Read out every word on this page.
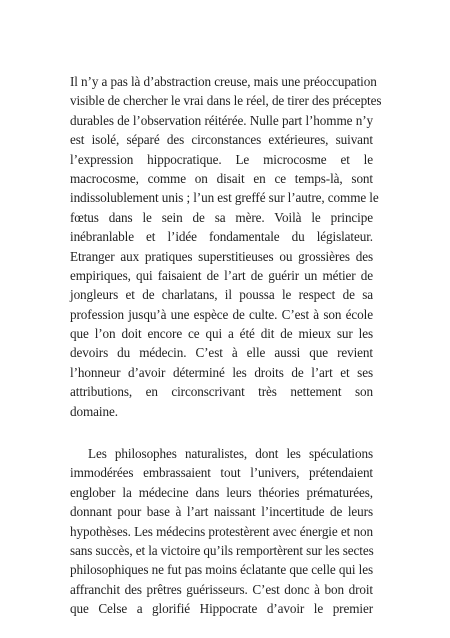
Il n’y a pas là d’abstraction creuse, mais une préoccupation
visible de chercher le vrai dans le réel, de tirer des préceptes
durables de l’observation réitérée. Nulle part l’homme n’y
est isolé, séparé des circonstances extérieures, suivant
l’expression hippocratique. Le microcosme et le
macrocosme, comme on disait en ce temps-là, sont
indissolublement unis ; l’un est greffé sur l’autre, comme le
fœtus dans le sein de sa mère. Voilà le principe
inébranlable et l’idée fondamentale du législateur.
Etranger aux pratiques superstitieuses ou grossières des
empiriques, qui faisaient de l’art de guérir un métier de
jongleurs et de charlatans, il poussa le respect de sa
profession jusqu’à une espèce de culte. C’est à son école
que l’on doit encore ce qui a été dit de mieux sur les
devoirs du médecin. C’est à elle aussi que revient
l’honneur d’avoir déterminé les droits de l’art et ses
attributions, en circonscrivant très nettement son
domaine.
Les philosophes naturalistes, dont les spéculations
immodérées embrassaient tout l’univers, prétendaient
englober la médecine dans leurs théories prématurées,
donnant pour base à l’art naissant l’incertitude de leurs
hypothèses. Les médecins protestèrent avec énergie et non
sans succès, et la victoire qu’ils remportèrent sur les sectes
philosophiques ne fut pas moins éclatante que celle qui les
affranchit des prêtres guérisseurs. C’est donc à bon droit
que Celse a glorifié Hippocrate d’avoir le premier
